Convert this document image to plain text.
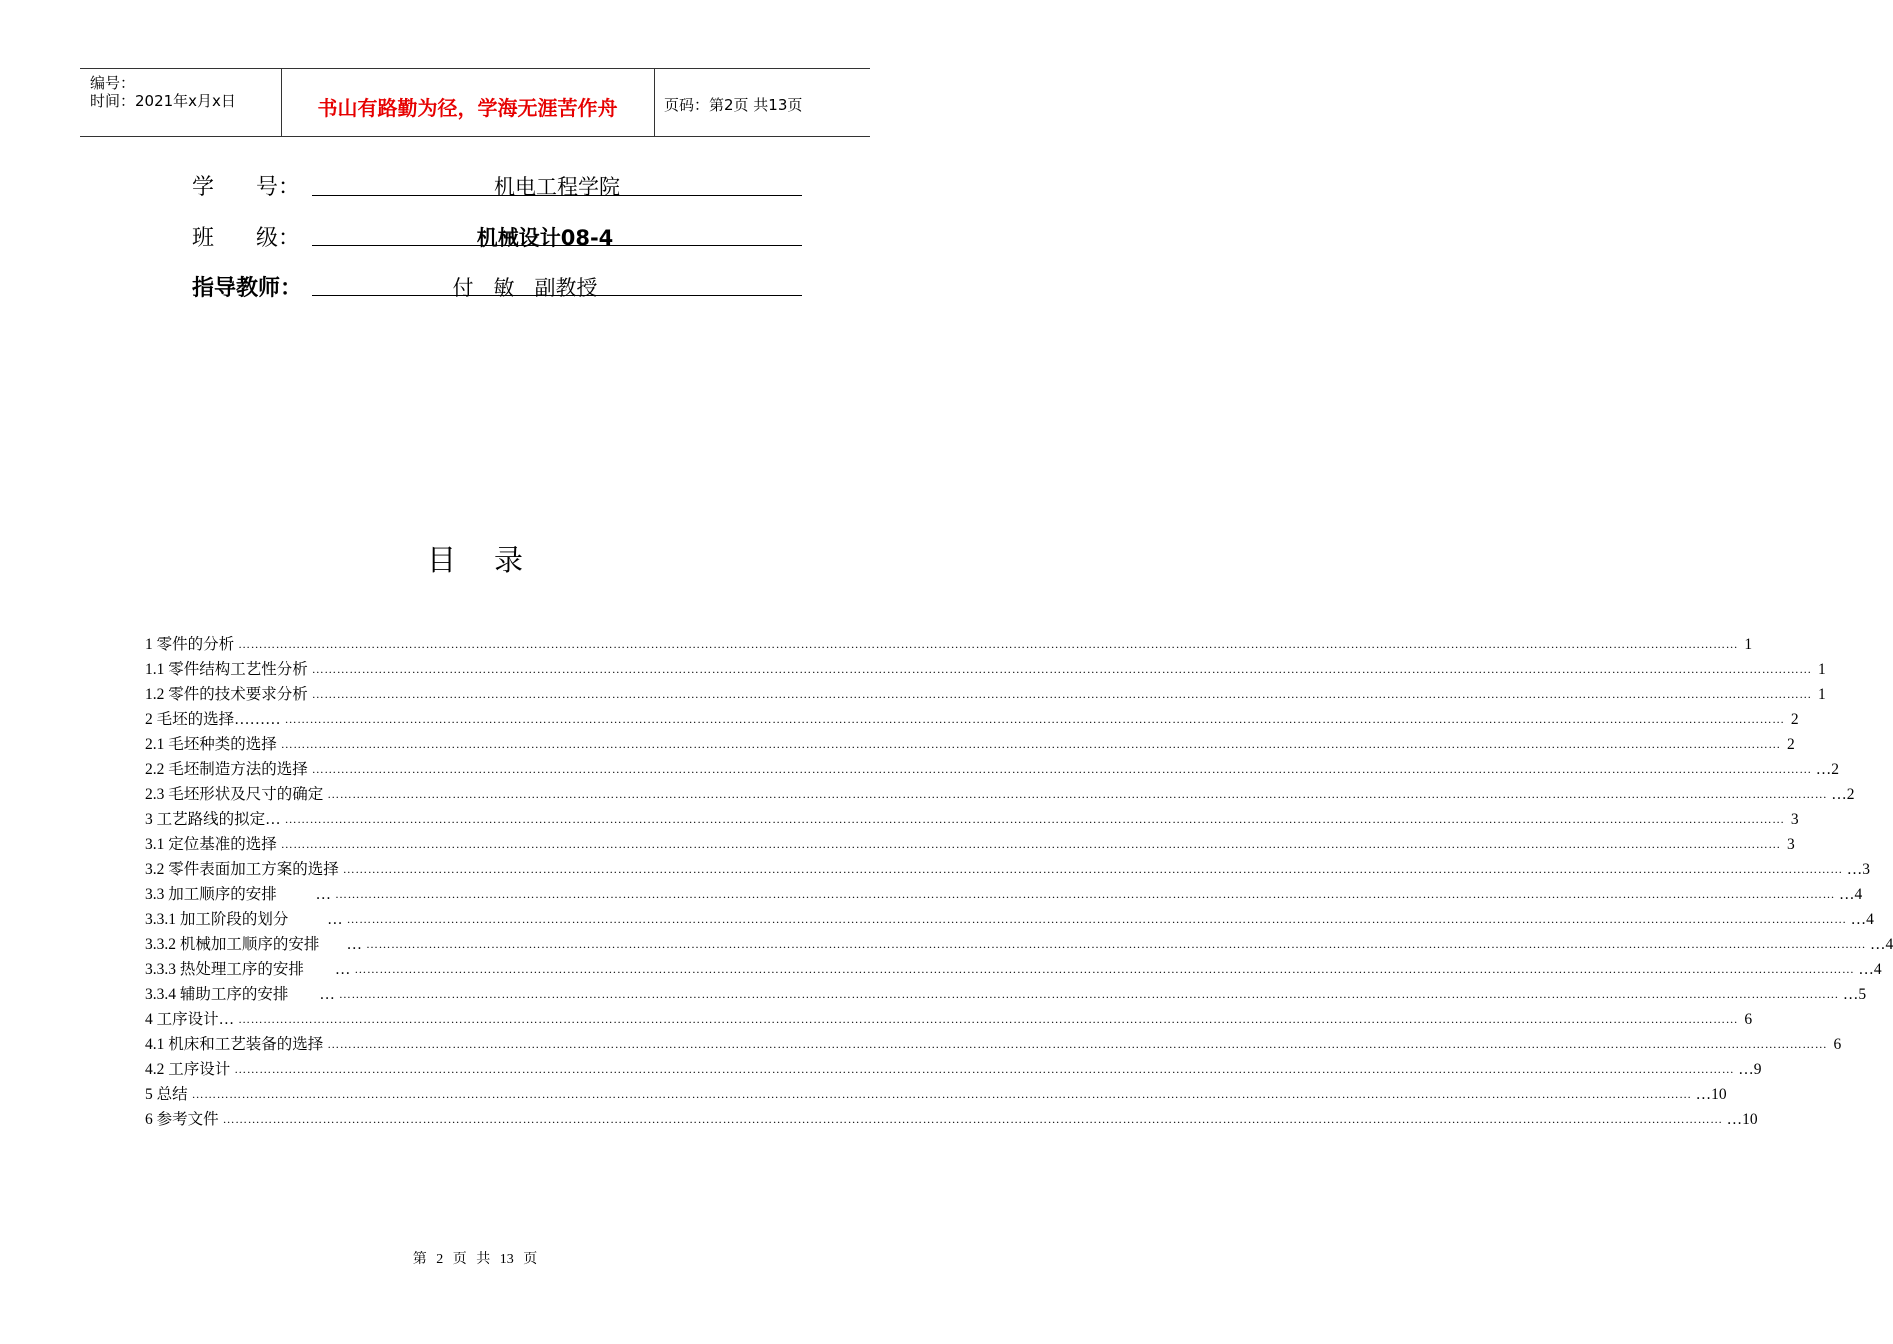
编号：
时间：2021年x月x日	书山有路勤为径，学海无涯苦作舟	页码：第2页 共13页
学      号：	机电工程学院
班      级：	机械设计08-4
指导教师：	付   敏   副教授
目录
1 零件的分析 ……………………………………………………………………………………………………………………………………………………………………………………………………………………………………………………………………………………………………………………………… 1
1.1 零件结构工艺性分析 ……………………………………………………………………………………………………………………………………………………………………………………………………………………………………………………………………………………………………………………………… 1
1.2 零件的技术要求分析 ……………………………………………………………………………………………………………………………………………………………………………………………………………………………………………………………………………………………………………………………… 1
2 毛坯的选择……… ……………………………………………………………………………………………………………………………………………………………………………………………………………………………………………………………………………………………………………………………… 2
2.1 毛坯种类的选择 ……………………………………………………………………………………………………………………………………………………………………………………………………………………………………………………………………………………………………………………………… 2
2.2 毛坯制造方法的选择 ……………………………………………………………………………………………………………………………………………………………………………………………………………………………………………………………………………………………………………………………… …2
2.3 毛坯形状及尺寸的确定 ……………………………………………………………………………………………………………………………………………………………………………………………………………………………………………………………………………………………………………………………… …2
3 工艺路线的拟定… ……………………………………………………………………………………………………………………………………………………………………………………………………………………………………………………………………………………………………………………………… 3
3.1 定位基准的选择 ……………………………………………………………………………………………………………………………………………………………………………………………………………………………………………………………………………………………………………………………… 3
3.2 零件表面加工方案的选择 ……………………………………………………………………………………………………………………………………………………………………………………………………………………………………………………………………………………………………………………………… …3
3.3 加工顺序的安排          … ……………………………………………………………………………………………………………………………………………………………………………………………………………………………………………………………………………………………………………………………… …4
3.3.1 加工阶段的划分          … ……………………………………………………………………………………………………………………………………………………………………………………………………………………………………………………………………………………………………………………………… …4
3.3.2 机械加工顺序的安排       … ……………………………………………………………………………………………………………………………………………………………………………………………………………………………………………………………………………………………………………………………… …4
3.3.3 热处理工序的安排        … ……………………………………………………………………………………………………………………………………………………………………………………………………………………………………………………………………………………………………………………………… …4
3.3.4 辅助工序的安排        … ……………………………………………………………………………………………………………………………………………………………………………………………………………………………………………………………………………………………………………………………… …5
4 工序设计… ……………………………………………………………………………………………………………………………………………………………………………………………………………………………………………………………………………………………………………………………… 6
4.1 机床和工艺装备的选择 ……………………………………………………………………………………………………………………………………………………………………………………………………………………………………………………………………………………………………………………………… 6
4.2 工序设计 ……………………………………………………………………………………………………………………………………………………………………………………………………………………………………………………………………………………………………………………………… …9
5 总结 ……………………………………………………………………………………………………………………………………………………………………………………………………………………………………………………………………………………………………………………………… …10
6 参考文件 ……………………………………………………………………………………………………………………………………………………………………………………………………………………………………………………………………………………………………………………………… …10
第 2 页 共 13 页
